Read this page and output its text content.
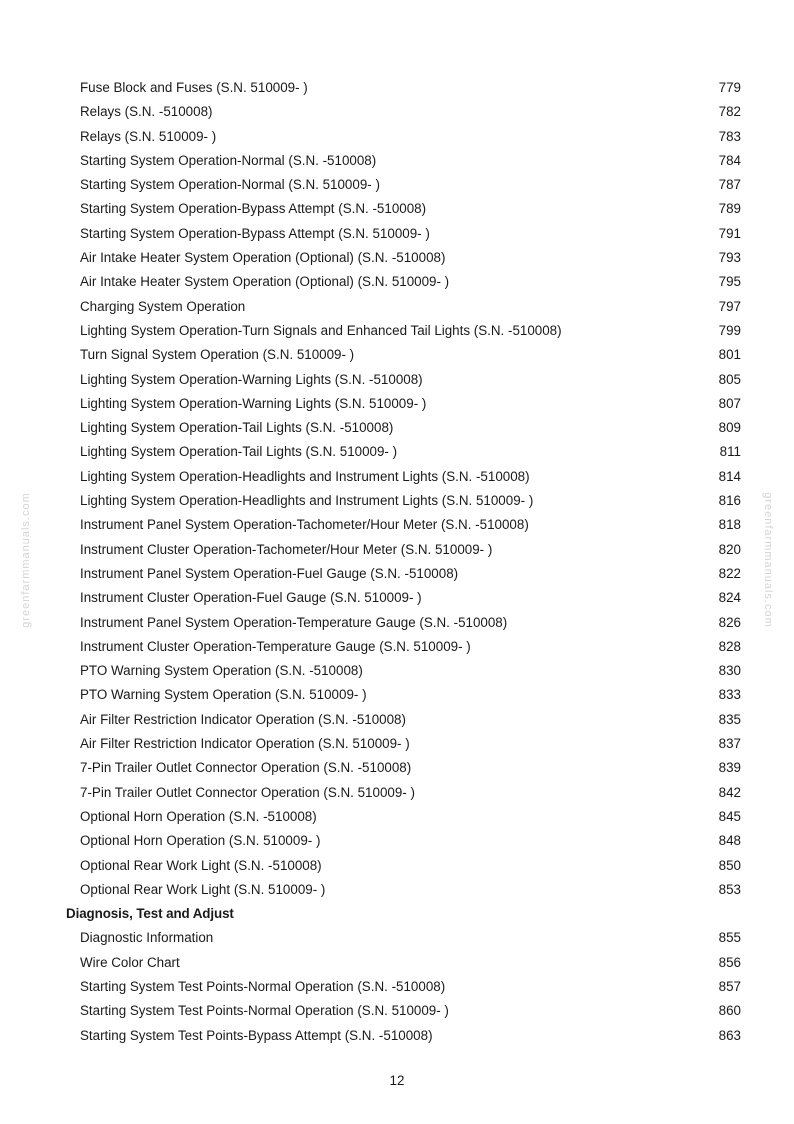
greenfarmmanuals.com	greenfarmmanuals.com
Fuse Block and Fuses (S.N. 510009- )	779
Relays (S.N. -510008)	782
Relays (S.N. 510009- )	783
Starting System Operation-Normal (S.N. -510008)	784
Starting System Operation-Normal (S.N. 510009- )	787
Starting System Operation-Bypass Attempt (S.N. -510008)	789
Starting System Operation-Bypass Attempt (S.N. 510009- )	791
Air Intake Heater System Operation (Optional) (S.N. -510008)	793
Air Intake Heater System Operation (Optional) (S.N. 510009- )	795
Charging System Operation	797
Lighting System Operation-Turn Signals and Enhanced Tail Lights (S.N. -510008)	799
Turn Signal System Operation (S.N. 510009- )	801
Lighting System Operation-Warning Lights (S.N. -510008)	805
Lighting System Operation-Warning Lights (S.N. 510009- )	807
Lighting System Operation-Tail Lights (S.N. -510008)	809
Lighting System Operation-Tail Lights (S.N. 510009- )	811
Lighting System Operation-Headlights and Instrument Lights (S.N. -510008)	814
Lighting System Operation-Headlights and Instrument Lights (S.N. 510009- )	816
Instrument Panel System Operation-Tachometer/Hour Meter (S.N. -510008)	818
Instrument Cluster Operation-Tachometer/Hour Meter (S.N. 510009- )	820
Instrument Panel System Operation-Fuel Gauge (S.N. -510008)	822
Instrument Cluster Operation-Fuel Gauge (S.N. 510009- )	824
Instrument Panel System Operation-Temperature Gauge (S.N. -510008)	826
Instrument Cluster Operation-Temperature Gauge (S.N. 510009- )	828
PTO Warning System Operation (S.N. -510008)	830
PTO Warning System Operation (S.N. 510009- )	833
Air Filter Restriction Indicator Operation (S.N. -510008)	835
Air Filter Restriction Indicator Operation (S.N. 510009- )	837
7-Pin Trailer Outlet Connector Operation (S.N. -510008)	839
7-Pin Trailer Outlet Connector Operation (S.N. 510009- )	842
Optional Horn Operation (S.N. -510008)	845
Optional Horn Operation (S.N. 510009- )	848
Optional Rear Work Light (S.N. -510008)	850
Optional Rear Work Light (S.N. 510009- )	853
Diagnosis, Test and Adjust
Diagnostic Information	855
Wire Color Chart	856
Starting System Test Points-Normal Operation (S.N. -510008)	857
Starting System Test Points-Normal Operation (S.N. 510009- )	860
Starting System Test Points-Bypass Attempt (S.N. -510008)	863
12
